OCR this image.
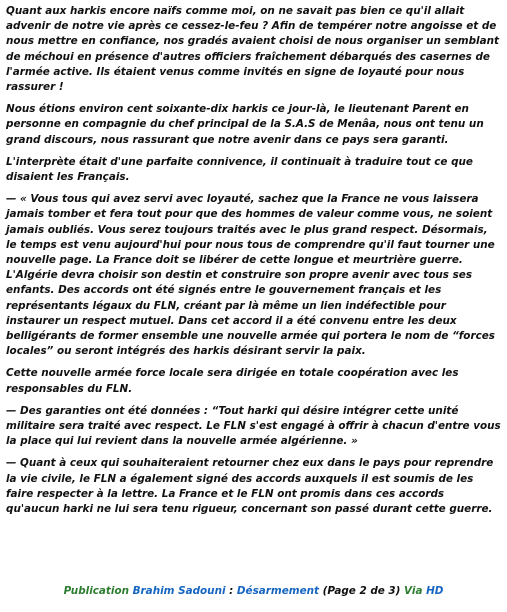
Quant aux harkis encore naïfs comme moi, on ne savait pas bien ce qu'il allait advenir de notre vie après ce cessez-le-feu ? Afin de tempérer notre angoisse et de nous mettre en confiance, nos gradés avaient choisi de nous organiser un semblant de méchoui en présence d'autres officiers fraîchement débarqués des casernes de l'armée active. Ils étaient venus comme invités en signe de loyauté pour nous rassurer !

Nous étions environ cent soixante-dix harkis ce jour-là, le lieutenant Parent en personne en compagnie du chef principal de la S.A.S de Menâa, nous ont tenu un grand discours, nous rassurant que notre avenir dans ce pays sera garanti.

L'interprète était d'une parfaite connivence, il continuait à traduire tout ce que disaient les Français.

— « Vous tous qui avez servi avec loyauté, sachez que la France ne vous laissera jamais tomber et fera tout pour que des hommes de valeur comme vous, ne soient jamais oubliés. Vous serez toujours traités avec le plus grand respect. Désormais, le temps est venu aujourd'hui pour nous tous de comprendre qu'il faut tourner une nouvelle page. La France doit se libérer de cette longue et meurtrière guerre. L'Algérie devra choisir son destin et construire son propre avenir avec tous ses enfants. Des accords ont été signés entre le gouvernement français et les représentants légaux du FLN, créant par là même un lien indéfectible pour instaurer un respect mutuel. Dans cet accord il a été convenu entre les deux belligérants de former ensemble une nouvelle armée qui portera le nom de “forces locales” ou seront intégrés des harkis désirant servir la paix.

Cette nouvelle armée force locale sera dirigée en totale coopération avec les responsables du FLN.

— Des garanties ont été données : “Tout harki qui désire intégrer cette unité militaire sera traité avec respect. Le FLN s'est engagé à offrir à chacun d'entre vous la place qui lui revient dans la nouvelle armée algérienne. »

— Quant à ceux qui souhaiteraient retourner chez eux dans le pays pour reprendre la vie civile, le FLN a également signé des accords auxquels il est soumis de les faire respecter à la lettre. La France et le FLN ont promis dans ces accords qu'aucun harki ne lui sera tenu rigueur, concernant son passé durant cette guerre.

Publication Brahim Sadouni : Désarmement (Page 2 de 3) Via HD
